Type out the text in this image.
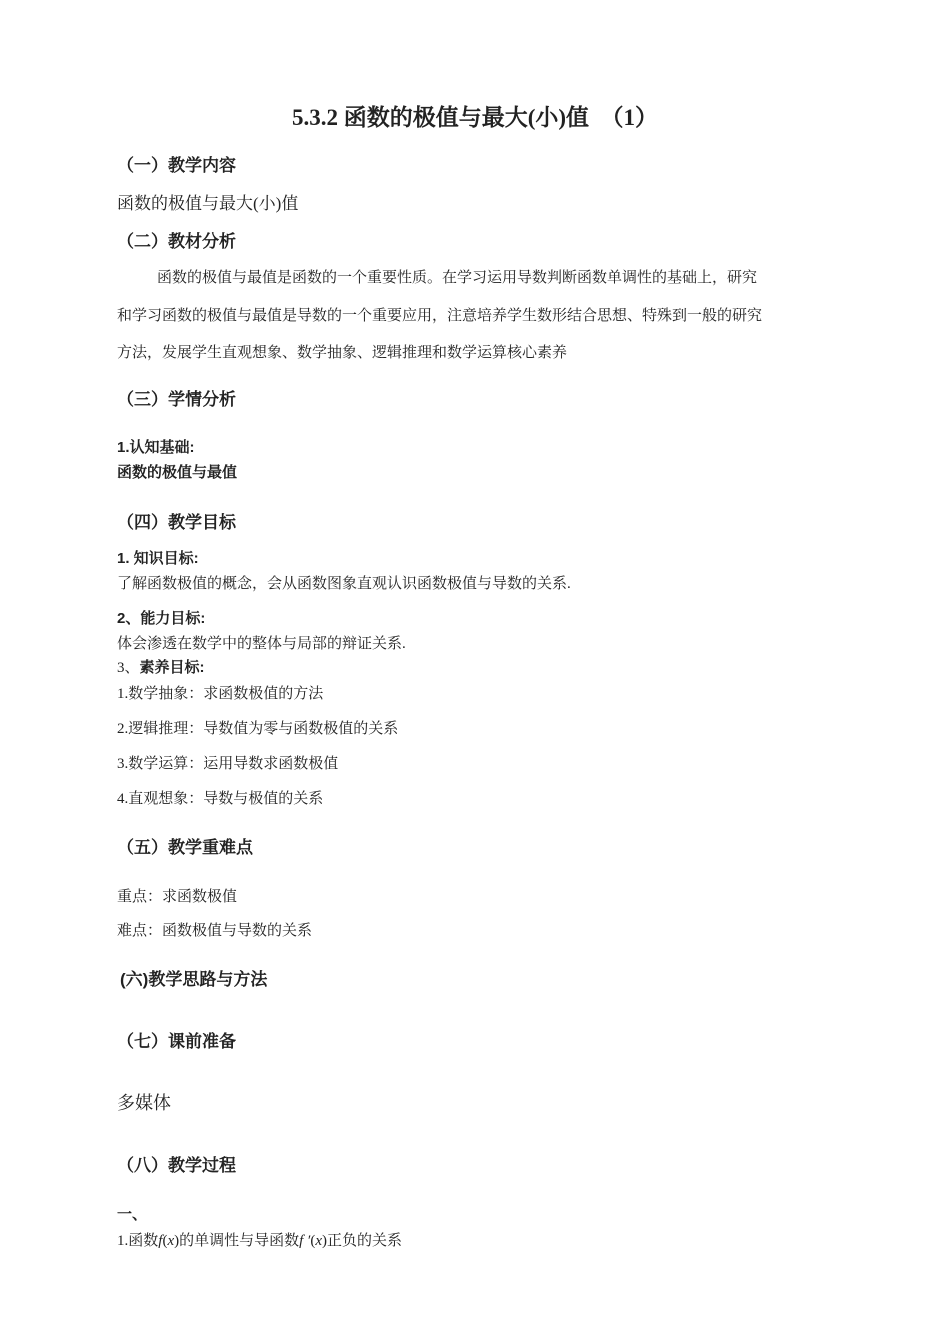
5.3.2 函数的极值与最大(小)值　（1）
（一）教学内容
函数的极值与最大(小)值
（二）教材分析

函数的极值与最值是函数的一个重要性质。在学习运用导数判断函数单调性的基础上，研究
和学习函数的极值与最值是导数的一个重要应用，注意培养学生数形结合思想、特殊到一般的研究
方法，发展学生直观想象、数学抽象、逻辑推理和数学运算核心素养

（三）学情分析
1.认知基础:
函数的极值与最值
（四）教学目标
1. 知识目标:
了解函数极值的概念，会从函数图象直观认识函数极值与导数的关系.
2、能力目标:
体会渗透在数学中的整体与局部的辩证关系.
3、素养目标:
1.数学抽象：求函数极值的方法
2.逻辑推理：导数值为零与函数极值的关系
3.数学运算：运用导数求函数极值
4.直观想象：导数与极值的关系
（五）教学重难点
重点：求函数极值
难点：函数极值与导数的关系
(六)教学思路与方法
（七）课前准备
多媒体
（八）教学过程
一、
1.函数f(x)的单调性与导函数f ′(x)正负的关系
